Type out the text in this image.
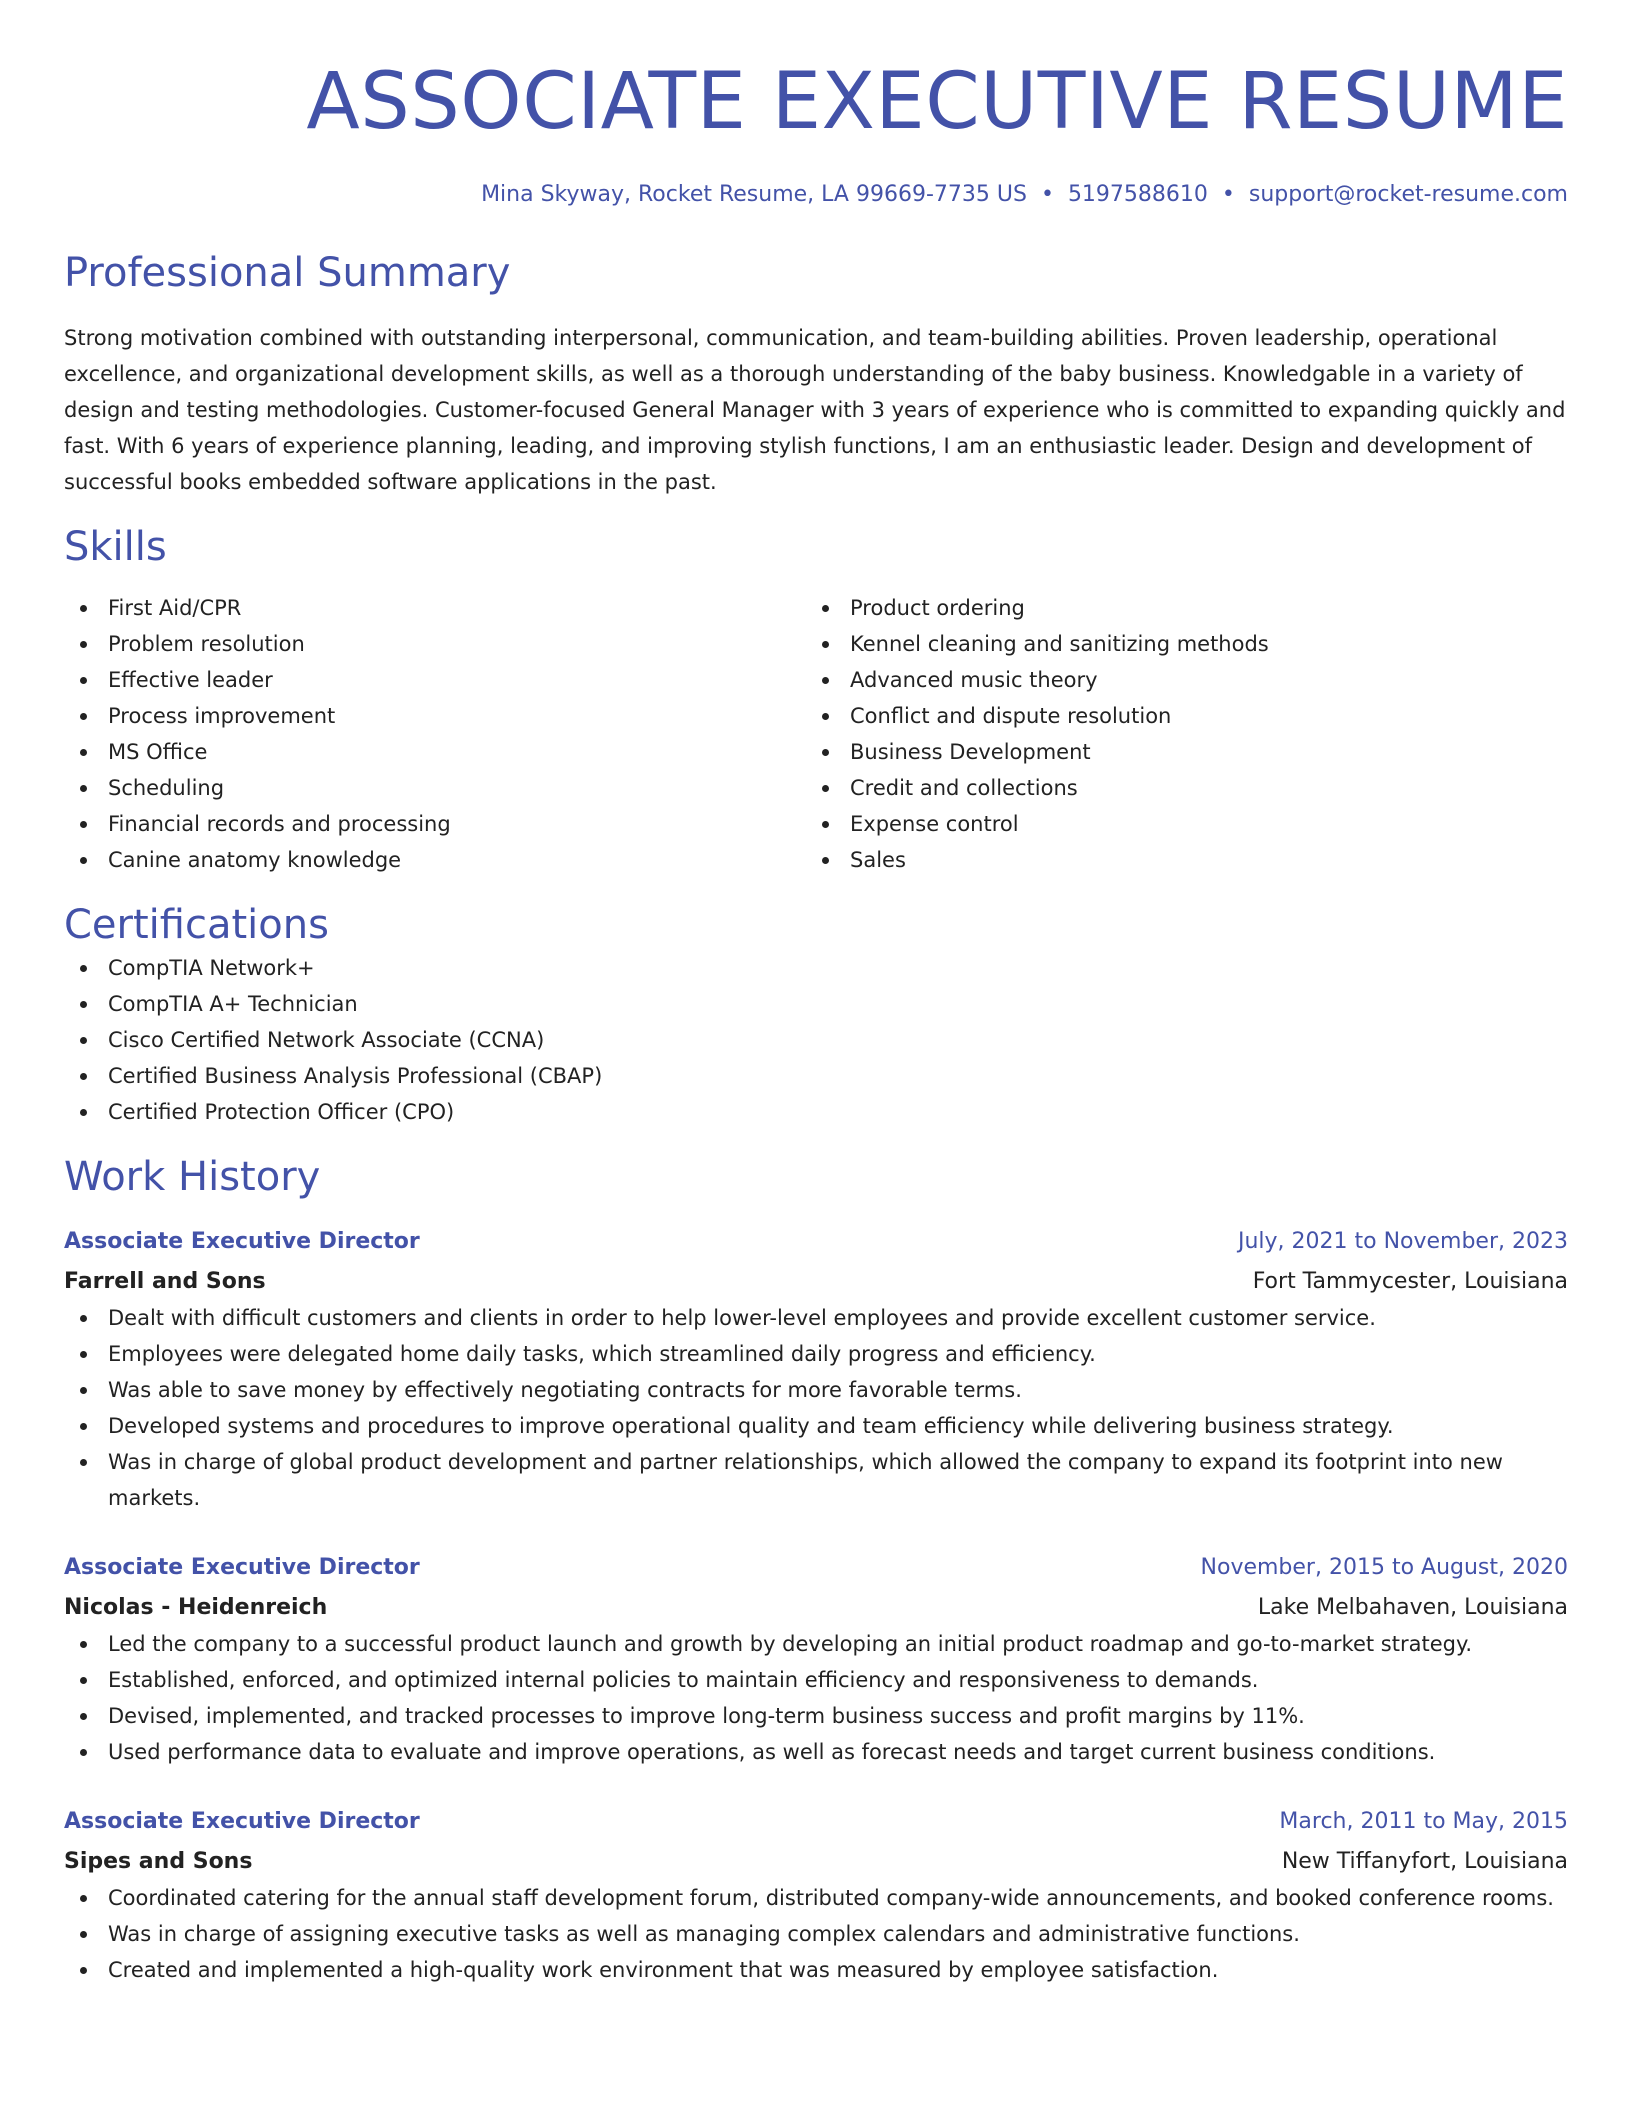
ASSOCIATE EXECUTIVE RESUME
Mina Skyway, Rocket Resume, LA 99669-7735 US • 5197588610 • support@rocket-resume.com
Professional Summary
Strong motivation combined with outstanding interpersonal, communication, and team-building abilities. Proven leadership, operational excellence, and organizational development skills, as well as a thorough understanding of the baby business. Knowledgable in a variety of design and testing methodologies. Customer-focused General Manager with 3 years of experience who is committed to expanding quickly and fast. With 6 years of experience planning, leading, and improving stylish functions, I am an enthusiastic leader. Design and development of successful books embedded software applications in the past.
Skills
First Aid/CPR
Problem resolution
Effective leader
Process improvement
MS Office
Scheduling
Financial records and processing
Canine anatomy knowledge
Product ordering
Kennel cleaning and sanitizing methods
Advanced music theory
Conflict and dispute resolution
Business Development
Credit and collections
Expense control
Sales
Certifications
CompTIA Network+
CompTIA A+ Technician
Cisco Certified Network Associate (CCNA)
Certified Business Analysis Professional (CBAP)
Certified Protection Officer (CPO)
Work History
Associate Executive Director	July, 2021 to November, 2023
Farrell and Sons	Fort Tammycester, Louisiana
Dealt with difficult customers and clients in order to help lower-level employees and provide excellent customer service.
Employees were delegated home daily tasks, which streamlined daily progress and efficiency.
Was able to save money by effectively negotiating contracts for more favorable terms.
Developed systems and procedures to improve operational quality and team efficiency while delivering business strategy.
Was in charge of global product development and partner relationships, which allowed the company to expand its footprint into new markets.
Associate Executive Director	November, 2015 to August, 2020
Nicolas - Heidenreich	Lake Melbahaven, Louisiana
Led the company to a successful product launch and growth by developing an initial product roadmap and go-to-market strategy.
Established, enforced, and optimized internal policies to maintain efficiency and responsiveness to demands.
Devised, implemented, and tracked processes to improve long-term business success and profit margins by 11%.
Used performance data to evaluate and improve operations, as well as forecast needs and target current business conditions.
Associate Executive Director	March, 2011 to May, 2015
Sipes and Sons	New Tiffanyfort, Louisiana
Coordinated catering for the annual staff development forum, distributed company-wide announcements, and booked conference rooms.
Was in charge of assigning executive tasks as well as managing complex calendars and administrative functions.
Created and implemented a high-quality work environment that was measured by employee satisfaction.
